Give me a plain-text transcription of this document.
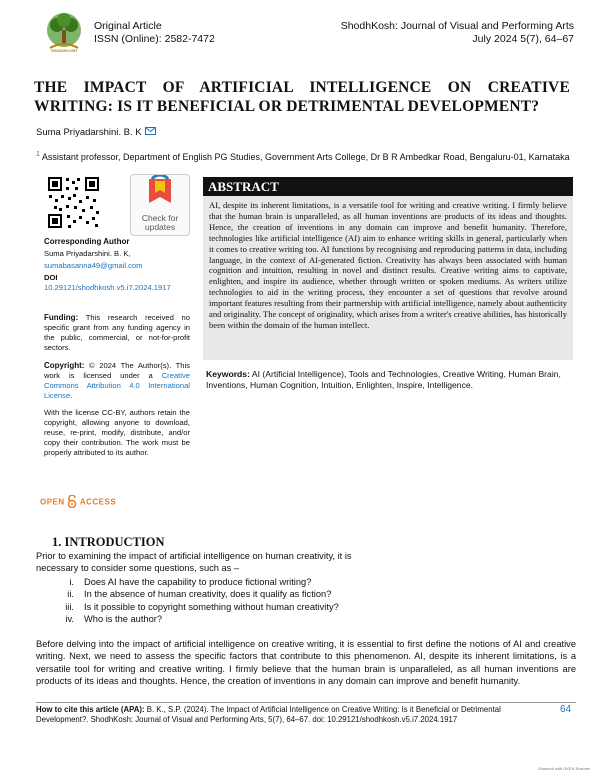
SHODHKOSH
Original Article
ISSN (Online): 2582-7472
ShodhKosh: Journal of Visual and Performing Arts
July 2024 5(7), 64–67
THE IMPACT OF ARTIFICIAL INTELLIGENCE ON CREATIVE WRITING: IS IT BENEFICIAL OR DETRIMENTAL DEVELOPMENT?
Suma Priyadarshini. B. K
$^1$ Assistant professor, Department of English PG Studies, Government Arts College, Dr B R Ambedkar Road, Bengaluru-01, Karnataka
Check for
updates
Corresponding Author
Suma Priyadarshini. B. K,
sumabasanna49@gmail.com
DOI
10.29121/shodhkosh.v5.i7.2024.1917
Funding: This research received no specific grant from any funding agency in the public, commercial, or not-for-profit sectors.
Copyright: © 2024 The Author(s). This work is licensed under a Creative Commons Attribution 4.0 International License.
With the license CC-BY, authors retain the copyright, allowing anyone to download, reuse, re-print, modify, distribute, and/or copy their contribution. The work must be properly attributed to its author.
OPEN ACCESS
ABSTRACT
AI, despite its inherent limitations, is a versatile tool for writing and creative writing. I firmly believe that the human brain is unparalleled, as all human inventions are products of its ideas and thoughts. Hence, the creation of inventions in any domain can improve and benefit humanity. Therefore, technologies like artificial intelligence (AI) aim to enhance writing skills in general, particularly when it comes to creative writing too. AI functions by recognising and reproducing patterns in data, including language, in the context of AI-generated fiction. Creativity has always been associated with human cognition and intuition, resulting in novel and distinct results. Creative writing aims to captivate, enlighten, and inspire its audience, whether through written or spoken mediums. As writers utilize technologies to aid in the writing process, they encounter a set of questions that revolve around important features resulting from their partnership with artificial intelligence, namely about authenticity and originality. The concept of originality, which arises from a writer's creative abilities, has historically been within the domain of the human intellect.
Keywords: AI (Artificial Intelligence), Tools and Technologies, Creative Writing, Human Brain, Inventions, Human Cognition, Intuition, Enlighten, Inspire, Intelligence.
1. INTRODUCTION
Prior to examining the impact of artificial intelligence on human creativity, it is necessary to consider some questions, such as –
i.	Does AI have the capability to produce fictional writing?
ii.	In the absence of human creativity, does it qualify as fiction?
iii.	Is it possible to copyright something without human creativity?
iv.	Who is the author?
Before delving into the impact of artificial intelligence on creative writing, it is essential to first define the notions of AI and creative writing. Next, we need to assess the specific factors that contribute to this phenomenon. AI, despite its inherent limitations, is a versatile tool for writing and creative writing. I firmly believe that the human brain is unparalleled, as all human inventions are products of its ideas and thoughts. Hence, the creation of inventions in any domain can improve and benefit humanity.
How to cite this article (APA): B. K., S.P. (2024). The Impact of Artificial Intelligence on Creative Writing: Is it Beneficial or Detrimental Development?. ShodhKosh: Journal of Visual and Performing Arts, 5(7), 64–67. doi: 10.29121/shodhkosh.v5.i7.2024.1917
64
Scanned with OKEN Scanner
